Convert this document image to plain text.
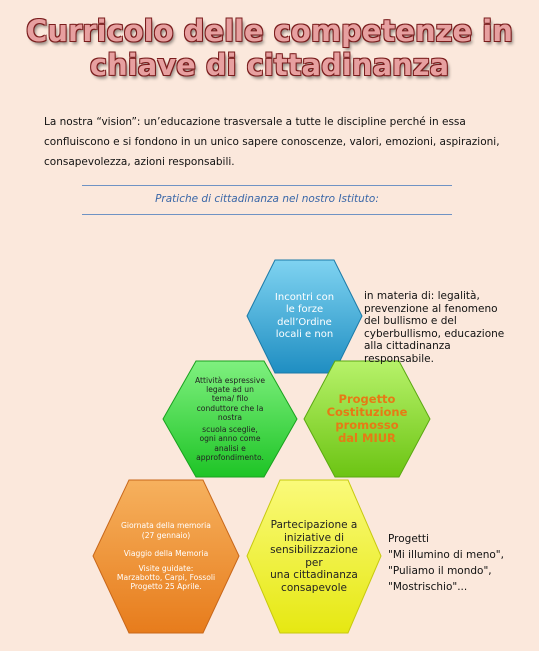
Curricolo delle competenze in
chiave di cittadinanza
La nostra “vision”: un’educazione trasversale a tutte le discipline perché in essa confluiscono e si fondono in un unico sapere conoscenze, valori, emozioni, aspirazioni, consapevolezza, azioni responsabili.
Pratiche di cittadinanza nel nostro Istituto:
Incontri con
le forze
dell’Ordine
locali e non
Attività espressive
legate ad un
tema/ filo
conduttore che la
nostra
scuola sceglie,
ogni anno come
analisi e
approfondimento.
Progetto
Costituzione
promosso
dal MIUR
Giornata della memoria
(27 gennaio)
Viaggio della Memoria
Visite guidate:
Marzabotto, Carpi, Fossoli
Progetto 25 Aprile.
Partecipazione a
iniziative di
sensibilizzazione
per
una cittadinanza
consapevole
in materia di: legalità,
prevenzione al fenomeno
del bullismo e del
cyberbullismo, educazione
alla cittadinanza
responsabile.
Progetti
"Mi illumino di meno",
"Puliamo il mondo",
"Mostrischio"...
